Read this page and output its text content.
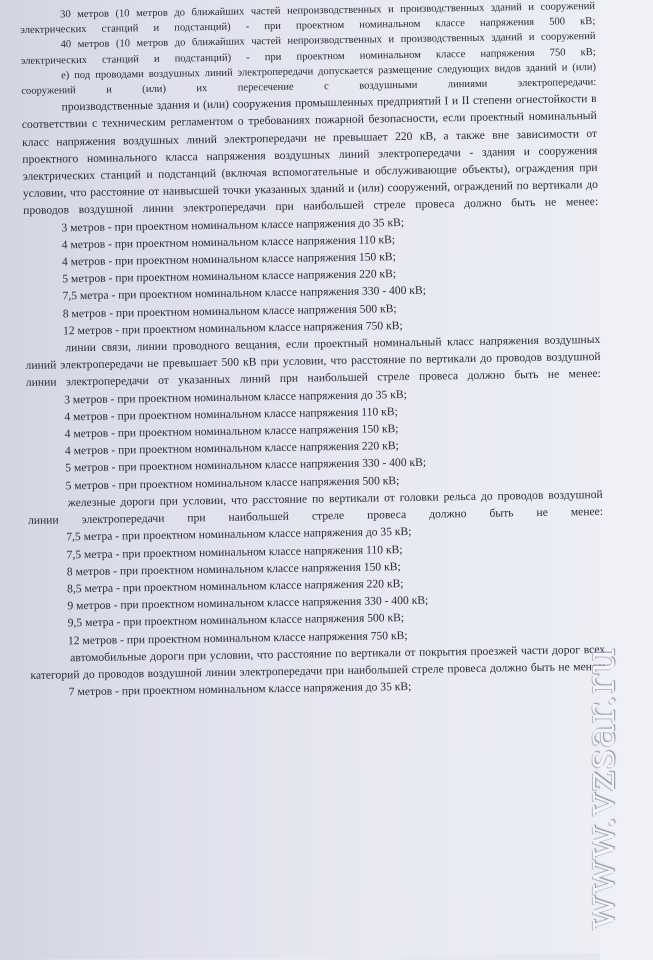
30 метров (10 метров до ближайших частей непроизводственных и производственных зданий и сооружений электрических станций и подстанций) - при проектном номинальном классе напряжения 500 кВ;

40 метров (10 метров до ближайших частей непроизводственных и производственных зданий и сооружений электрических станций и подстанций) - при проектном номинальном классе напряжения 750 кВ;

е) под проводами воздушных линий электропередачи допускается размещение следующих видов зданий и (или) сооружений и (или) их пересечение с воздушными линиями электропередачи:

производственные здания и (или) сооружения промышленных предприятий I и II степени огнестойкости в соответствии с техническим регламентом о требованиях пожарной безопасности, если проектный номинальный класс напряжения воздушных линий электропередачи не превышает 220 кВ, а также вне зависимости от проектного номинального класса напряжения воздушных линий электропередачи - здания и сооружения электрических станций и подстанций (включая вспомогательные и обслуживающие объекты), ограждения при условии, что расстояние от наивысшей точки указанных зданий и (или) сооружений, ограждений по вертикали до проводов воздушной линии электропередачи при наибольшей стреле провеса должно быть не менее:

3 метров - при проектном номинальном классе напряжения до 35 кВ;

4 метров - при проектном номинальном классе напряжения 110 кВ;

4 метров - при проектном номинальном классе напряжения 150 кВ;

5 метров - при проектном номинальном классе напряжения 220 кВ;

7,5 метра - при проектном номинальном классе напряжения 330 - 400 кВ;

8 метров - при проектном номинальном классе напряжения 500 кВ;

12 метров - при проектном номинальном классе напряжения 750 кВ;

линии связи, линии проводного вещания, если проектный номинальный класс напряжения воздушных линий электропередачи не превышает 500 кВ при условии, что расстояние по вертикали до проводов воздушной линии электропередачи от указанных линий при наибольшей стреле провеса должно быть не менее:

3 метров - при проектном номинальном классе напряжения до 35 кВ;

4 метров - при проектном номинальном классе напряжения 110 кВ;

4 метров - при проектном номинальном классе напряжения 150 кВ;

4 метров - при проектном номинальном классе напряжения 220 кВ;

5 метров - при проектном номинальном классе напряжения 330 - 400 кВ;

5 метров - при проектном номинальном классе напряжения 500 кВ;

железные дороги при условии, что расстояние по вертикали от головки рельса до проводов воздушной линии электропередачи при наибольшей стреле провеса должно быть не менее:

7,5 метра - при проектном номинальном классе напряжения до 35 кВ;

7,5 метра - при проектном номинальном классе напряжения 110 кВ;

8 метров - при проектном номинальном классе напряжения 150 кВ;

8,5 метра - при проектном номинальном классе напряжения 220 кВ;

9 метров - при проектном номинальном классе напряжения 330 - 400 кВ;

9,5 метра - при проектном номинальном классе напряжения 500 кВ;

12 метров - при проектном номинальном классе напряжения 750 кВ;

автомобильные дороги при условии, что расстояние по вертикали от покрытия проезжей части дорог всех категорий до проводов воздушной линии электропередачи при наибольшей стреле провеса должно быть не менее:

7 метров - при проектном номинальном классе напряжения до 35 кВ;	www.vzsar.ru
